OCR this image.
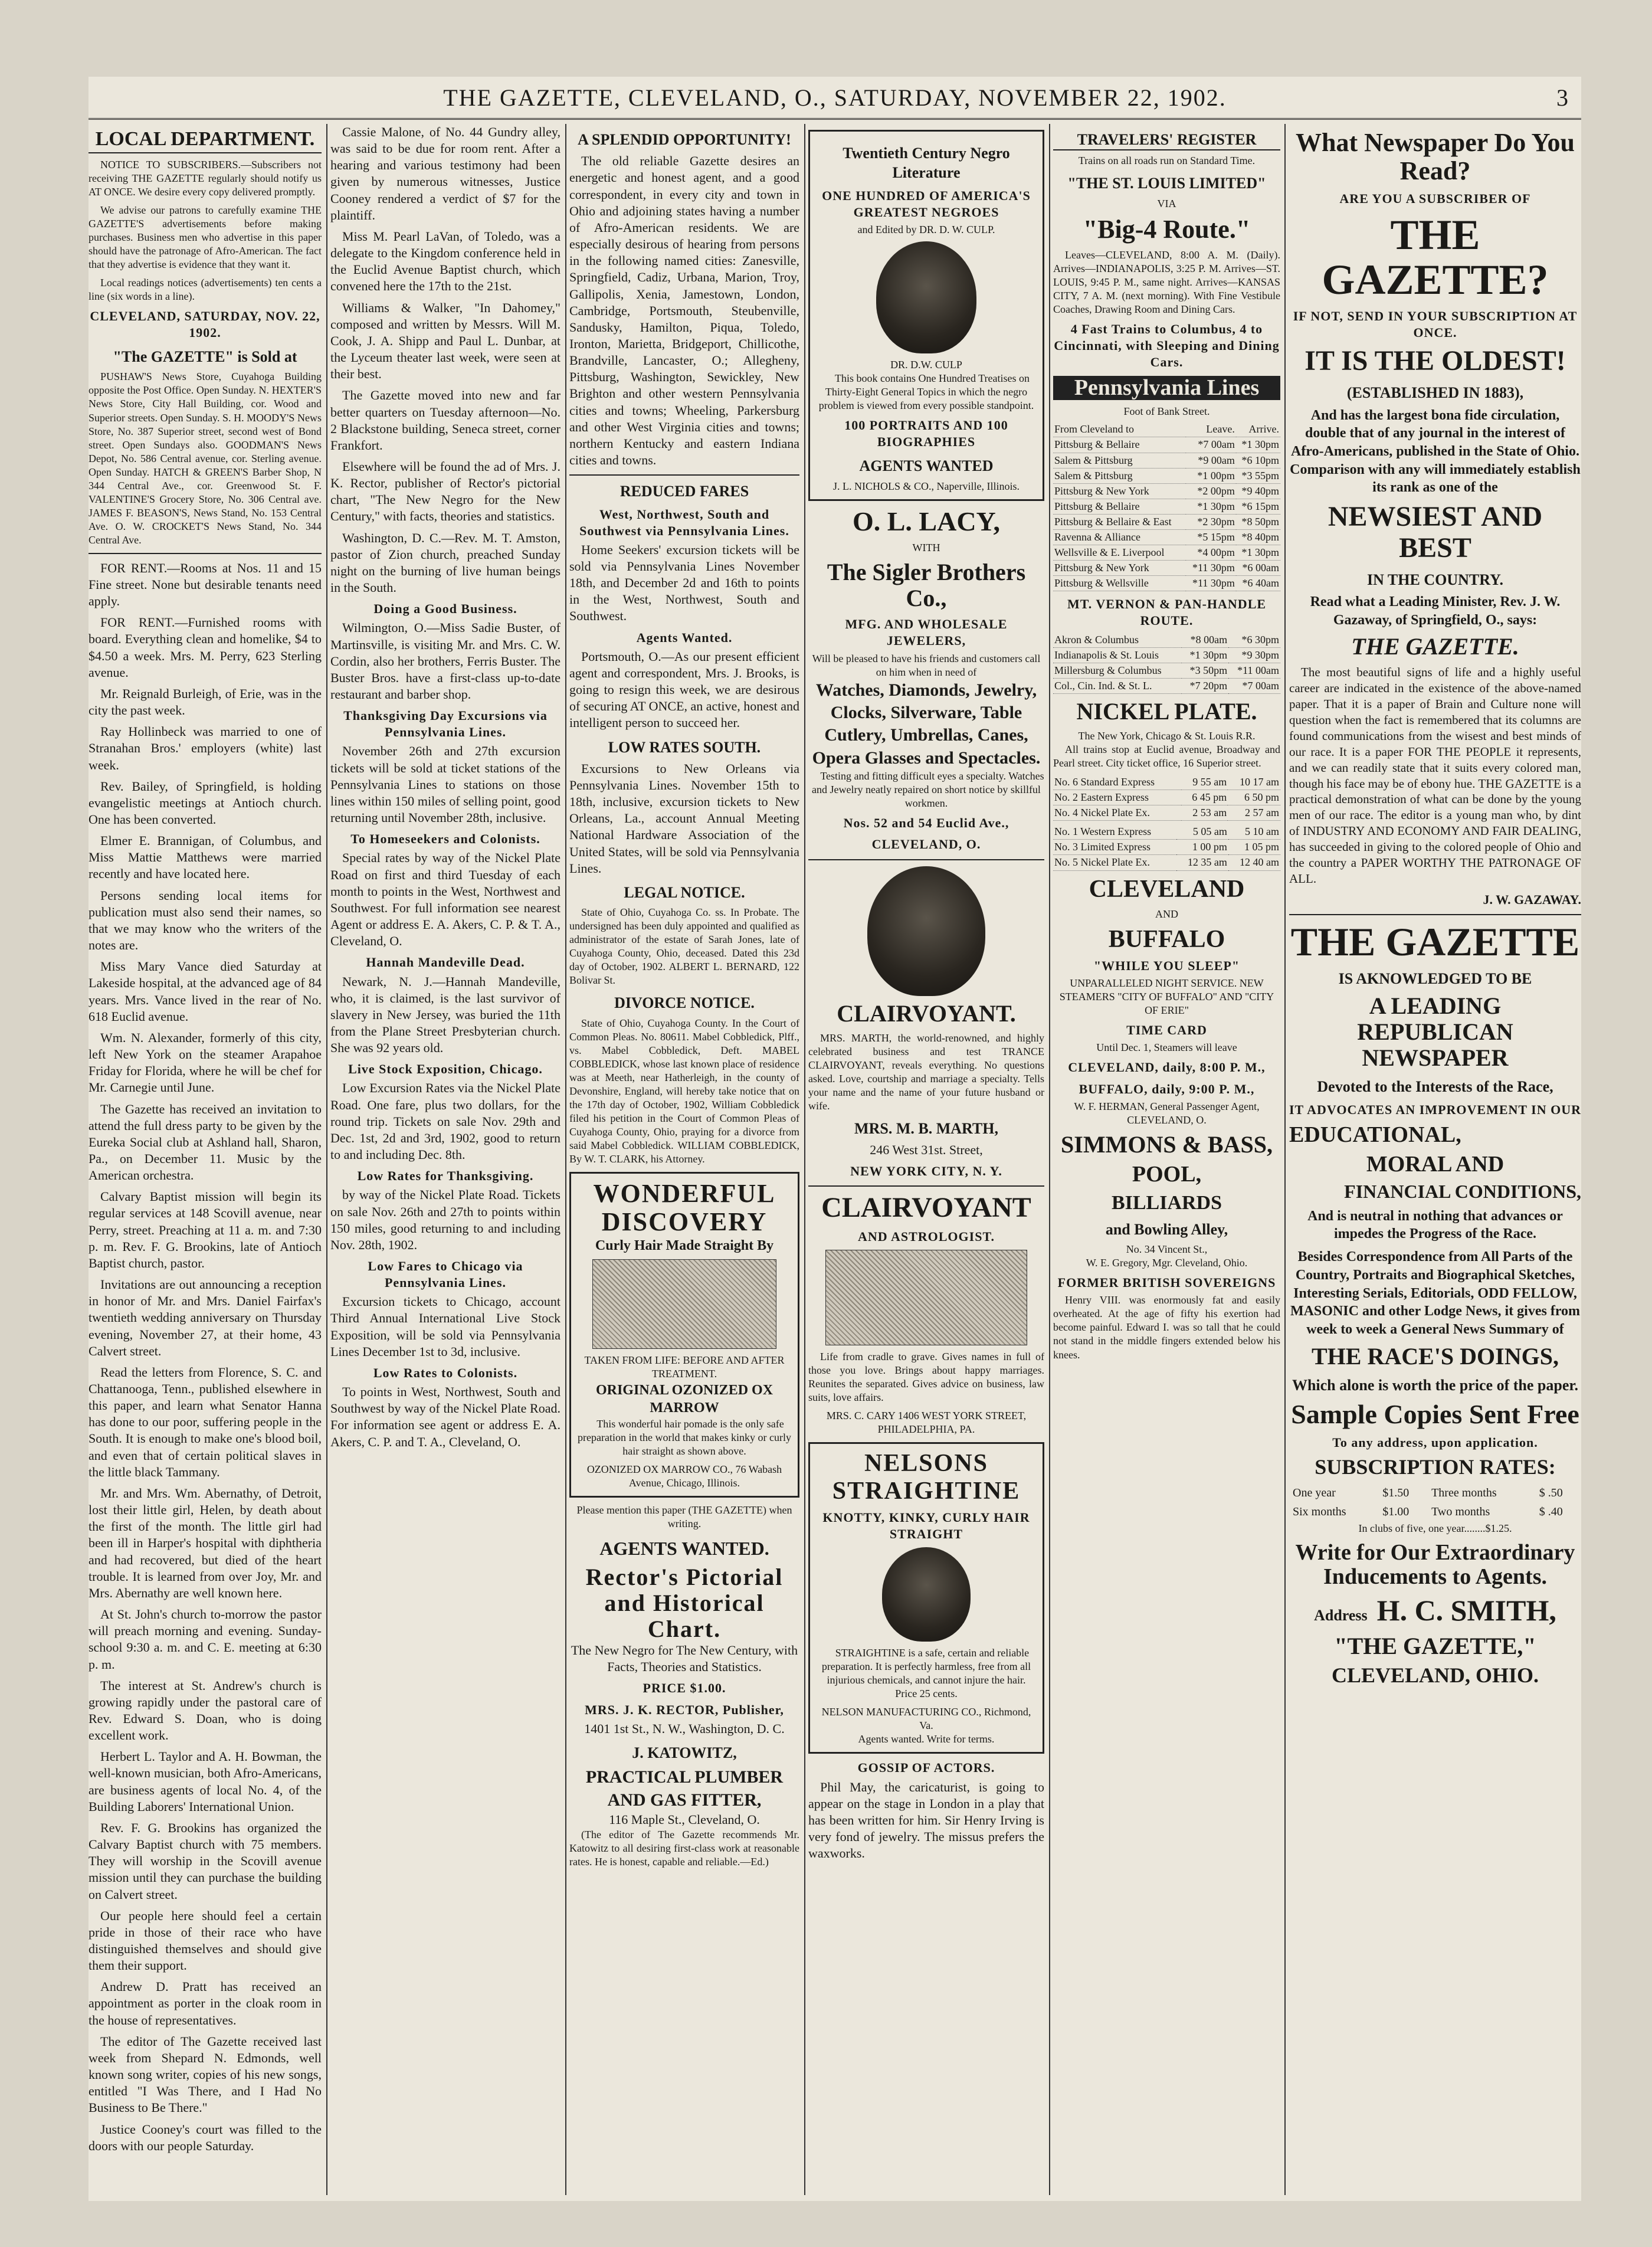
THE GAZETTE, CLEVELAND, O., SATURDAY, NOVEMBER 22, 1902.	3
LOCAL DEPARTMENT.

NOTICE TO SUBSCRIBERS.—Subscribers not receiving THE GAZETTE regularly should notify us AT ONCE. We desire every copy delivered promptly.

We advise our patrons to carefully examine THE GAZETTE'S advertisements before making purchases. Business men who advertise in this paper should have the patronage of Afro-American. The fact that they advertise is evidence that they want it.

Local readings notices (advertisements) ten cents a line (six words in a line).

CLEVELAND, SATURDAY, NOV. 22, 1902.
"The GAZETTE" is Sold at

PUSHAW'S News Store, Cuyahoga Building opposite the Post Office. Open Sunday. N. HEXTER'S News Store, City Hall Building, cor. Wood and Superior streets. Open Sunday. S. H. MOODY'S News Store, No. 387 Superior street, second west of Bond street. Open Sundays also. GOODMAN'S News Depot, No. 586 Central avenue, cor. Sterling avenue. Open Sunday. HATCH & GREEN'S Barber Shop, N 344 Central Ave., cor. Greenwood St. F. VALENTINE'S Grocery Store, No. 306 Central ave. JAMES F. BEASON'S, News Stand, No. 153 Central Ave. O. W. CROCKET'S News Stand, No. 344 Central Ave.

FOR RENT.—Rooms at Nos. 11 and 15 Fine street. None but desirable tenants need apply.

FOR RENT.—Furnished rooms with board. Everything clean and homelike, $4 to $4.50 a week. Mrs. M. Perry, 623 Sterling avenue.

Mr. Reignald Burleigh, of Erie, was in the city the past week.

Ray Hollinbeck was married to one of Stranahan Bros.' employers (white) last week.

Rev. Bailey, of Springfield, is holding evangelistic meetings at Antioch church. One has been converted.

Elmer E. Brannigan, of Columbus, and Miss Mattie Matthews were married recently and have located here.

Persons sending local items for publication must also send their names, so that we may know who the writers of the notes are.

Miss Mary Vance died Saturday at Lakeside hospital, at the advanced age of 84 years. Mrs. Vance lived in the rear of No. 618 Euclid avenue.

Wm. N. Alexander, formerly of this city, left New York on the steamer Arapahoe Friday for Florida, where he will be chef for Mr. Carnegie until June.

The Gazette has received an invitation to attend the full dress party to be given by the Eureka Social club at Ashland hall, Sharon, Pa., on December 11. Music by the American orchestra.

Calvary Baptist mission will begin its regular services at 148 Scovill avenue, near Perry, street. Preaching at 11 a. m. and 7:30 p. m. Rev. F. G. Brookins, late of Antioch Baptist church, pastor.

Invitations are out announcing a reception in honor of Mr. and Mrs. Daniel Fairfax's twentieth wedding anniversary on Thursday evening, November 27, at their home, 43 Calvert street.

Read the letters from Florence, S. C. and Chattanooga, Tenn., published elsewhere in this paper, and learn what Senator Hanna has done to our poor, suffering people in the South. It is enough to make one's blood boil, and even that of certain political slaves in the little black Tammany.

Mr. and Mrs. Wm. Abernathy, of Detroit, lost their little girl, Helen, by death about the first of the month. The little girl had been ill in Harper's hospital with diphtheria and had recovered, but died of the heart trouble. It is learned from over Joy, Mr. and Mrs. Abernathy are well known here.

At St. John's church to-morrow the pastor will preach morning and evening. Sunday-school 9:30 a. m. and C. E. meeting at 6:30 p. m.

The interest at St. Andrew's church is growing rapidly under the pastoral care of Rev. Edward S. Doan, who is doing excellent work.

Herbert L. Taylor and A. H. Bowman, the well-known musician, both Afro-Americans, are business agents of local No. 4, of the Building Laborers' International Union.

Rev. F. G. Brookins has organized the Calvary Baptist church with 75 members. They will worship in the Scovill avenue mission until they can purchase the building on Calvert street.

Our people here should feel a certain pride in those of their race who have distinguished themselves and should give them their support.

Andrew D. Pratt has received an appointment as porter in the cloak room in the house of representatives.

The editor of The Gazette received last week from Shepard N. Edmonds, well known song writer, copies of his new songs, entitled "I Was There, and I Had No Business to Be There."

Justice Cooney's court was filled to the doors with our people Saturday.

Cassie Malone, of No. 44 Gundry alley, was said to be due for room rent. After a hearing and various testimony had been given by numerous witnesses, Justice Cooney rendered a verdict of $7 for the plaintiff.

Miss M. Pearl LaVan, of Toledo, was a delegate to the Kingdom conference held in the Euclid Avenue Baptist church, which convened here the 17th to the 21st.

Williams & Walker, "In Dahomey," composed and written by Messrs. Will M. Cook, J. A. Shipp and Paul L. Dunbar, at the Lyceum theater last week, were seen at their best.

The Gazette moved into new and far better quarters on Tuesday afternoon—No. 2 Blackstone building, Seneca street, corner Frankfort.

Elsewhere will be found the ad of Mrs. J. K. Rector, publisher of Rector's pictorial chart, "The New Negro for the New Century," with facts, theories and statistics.

Washington, D. C.—Rev. M. T. Amston, pastor of Zion church, preached Sunday night on the burning of live human beings in the South.

Doing a Good Business.

Wilmington, O.—Miss Sadie Buster, of Martinsville, is visiting Mr. and Mrs. C. W. Cordin, also her brothers, Ferris Buster. The Buster Bros. have a first-class up-to-date restaurant and barber shop.

Thanksgiving Day Excursions via Pennsylvania Lines.

November 26th and 27th excursion tickets will be sold at ticket stations of the Pennsylvania Lines to stations on those lines within 150 miles of selling point, good returning until November 28th, inclusive.

To Homeseekers and Colonists.

Special rates by way of the Nickel Plate Road on first and third Tuesday of each month to points in the West, Northwest and Southwest. For full information see nearest Agent or address E. A. Akers, C. P. & T. A., Cleveland, O.

Hannah Mandeville Dead.

Newark, N. J.—Hannah Mandeville, who, it is claimed, is the last survivor of slavery in New Jersey, was buried the 11th from the Plane Street Presbyterian church. She was 92 years old.

Live Stock Exposition, Chicago.

Low Excursion Rates via the Nickel Plate Road. One fare, plus two dollars, for the round trip. Tickets on sale Nov. 29th and Dec. 1st, 2d and 3rd, 1902, good to return to and including Dec. 8th.

Low Rates for Thanksgiving.

by way of the Nickel Plate Road. Tickets on sale Nov. 26th and 27th to points within 150 miles, good returning to and including Nov. 28th, 1902.

Low Fares to Chicago via Pennsylvania Lines.

Excursion tickets to Chicago, account Third Annual International Live Stock Exposition, will be sold via Pennsylvania Lines December 1st to 3d, inclusive.

Low Rates to Colonists.

To points in West, Northwest, South and Southwest by way of the Nickel Plate Road. For information see agent or address E. A. Akers, C. P. and T. A., Cleveland, O.

A SPLENDID OPPORTUNITY!

The old reliable Gazette desires an energetic and honest agent, and a good correspondent, in every city and town in Ohio and adjoining states having a number of Afro-American residents. We are especially desirous of hearing from persons in the following named cities: Zanesville, Springfield, Cadiz, Urbana, Marion, Troy, Gallipolis, Xenia, Jamestown, London, Cambridge, Portsmouth, Steubenville, Sandusky, Hamilton, Piqua, Toledo, Ironton, Marietta, Bridgeport, Chillicothe, Brandville, Lancaster, O.; Allegheny, Pittsburg, Washington, Sewickley, New Brighton and other western Pennsylvania cities and towns; Wheeling, Parkersburg and other West Virginia cities and towns; northern Kentucky and eastern Indiana cities and towns.

REDUCED FARES
West, Northwest, South and Southwest via Pennsylvania Lines.

Home Seekers' excursion tickets will be sold via Pennsylvania Lines November 18th, and December 2d and 16th to points in the West, Northwest, South and Southwest.

Agents Wanted.

Portsmouth, O.—As our present efficient agent and correspondent, Mrs. J. Brooks, is going to resign this week, we are desirous of securing AT ONCE, an active, honest and intelligent person to succeed her.

LOW RATES SOUTH.

Excursions to New Orleans via Pennsylvania Lines. November 15th to 18th, inclusive, excursion tickets to New Orleans, La., account Annual Meeting National Hardware Association of the United States, will be sold via Pennsylvania Lines.

LEGAL NOTICE.

State of Ohio, Cuyahoga Co. ss. In Probate. The undersigned has been duly appointed and qualified as administrator of the estate of Sarah Jones, late of Cuyahoga County, Ohio, deceased. Dated this 23d day of October, 1902. ALBERT L. BERNARD, 122 Bolivar St.

DIVORCE NOTICE.

State of Ohio, Cuyahoga County. In the Court of Common Pleas. No. 80611. Mabel Cobbledick, Plff., vs. Mabel Cobbledick, Deft. MABEL COBBLEDICK, whose last known place of residence was at Meeth, near Hatherleigh, in the county of Devonshire, England, will hereby take notice that on the 17th day of October, 1902, William Cobbledick filed his petition in the Court of Common Pleas of Cuyahoga County, Ohio, praying for a divorce from said Mabel Cobbledick. WILLIAM COBBLEDICK, By W. T. CLARK, his Attorney.

WONDERFUL DISCOVERY
Curly Hair Made Straight By
TAKEN FROM LIFE: BEFORE AND AFTER TREATMENT.
ORIGINAL OZONIZED OX MARROW

This wonderful hair pomade is the only safe preparation in the world that makes kinky or curly hair straight as shown above.

OZONIZED OX MARROW CO., 76 Wabash Avenue, Chicago, Illinois.
Please mention this paper (THE GAZETTE) when writing.
AGENTS WANTED.
Rector's Pictorial and Historical Chart.
The New Negro for The New Century, with Facts, Theories and Statistics.
PRICE $1.00.
MRS. J. K. RECTOR, Publisher,
1401 1st St., N. W., Washington, D. C.
J. KATOWITZ,
PRACTICAL PLUMBER AND GAS FITTER,
116 Maple St., Cleveland, O.

(The editor of The Gazette recommends Mr. Katowitz to all desiring first-class work at reasonable rates. He is honest, capable and reliable.—Ed.)

Twentieth Century Negro Literature
ONE HUNDRED OF AMERICA'S GREATEST NEGROES
and Edited by DR. D. W. CULP.
DR. D.W. CULP

This book contains One Hundred Treatises on Thirty-Eight General Topics in which the negro problem is viewed from every possible standpoint.

100 PORTRAITS AND 100 BIOGRAPHIES
AGENTS WANTED
J. L. NICHOLS & CO., Naperville, Illinois.
O. L. LACY,
WITH
The Sigler Brothers Co.,
MFG. AND WHOLESALE JEWELERS,
Will be pleased to have his friends and customers call on him when in need of
Watches, Diamonds, Jewelry, Clocks, Silverware, Table Cutlery, Umbrellas, Canes, Opera Glasses and Spectacles.

Testing and fitting difficult eyes a specialty. Watches and Jewelry neatly repaired on short notice by skillful workmen.

Nos. 52 and 54 Euclid Ave.,
CLEVELAND, O.
CLAIRVOYANT.

MRS. MARTH, the world-renowned, and highly celebrated business and test TRANCE CLAIRVOYANT, reveals everything. No questions asked. Love, courtship and marriage a specialty. Tells your name and the name of your future husband or wife.

MRS. M. B. MARTH,
246 West 31st. Street,
NEW YORK CITY, N. Y.
CLAIRVOYANT
AND ASTROLOGIST.

Life from cradle to grave. Gives names in full of those you love. Brings about happy marriages. Reunites the separated. Gives advice on business, law suits, love affairs.

MRS. C. CARY 1406 WEST YORK STREET, PHILADELPHIA, PA.
NELSONS STRAIGHTINE
KNOTTY, KINKY, CURLY HAIR STRAIGHT

STRAIGHTINE is a safe, certain and reliable preparation. It is perfectly harmless, free from all injurious chemicals, and cannot injure the hair. Price 25 cents.

NELSON MANUFACTURING CO., Richmond, Va.
Agents wanted. Write for terms.
GOSSIP OF ACTORS.

Phil May, the caricaturist, is going to appear on the stage in London in a play that has been written for him. Sir Henry Irving is very fond of jewelry. The missus prefers the waxworks.

TRAVELERS' REGISTER
Trains on all roads run on Standard Time.
"THE ST. LOUIS LIMITED"
VIA
"Big-4 Route."

Leaves—CLEVELAND, 8:00 A. M. (Daily). Arrives—INDIANAPOLIS, 3:25 P. M. Arrives—ST. LOUIS, 9:45 P. M., same night. Arrives—KANSAS CITY, 7 A. M. (next morning). With Fine Vestibule Coaches, Drawing Room and Dining Cars.

4 Fast Trains to Columbus, 4 to Cincinnati, with Sleeping and Dining Cars.
Pennsylvania Lines
Foot of Bank Street.
From Cleveland to	Leave.	Arrive.
Pittsburg & Bellaire	*7 00am	*1 30pm
Salem & Pittsburg	*9 00am	*6 10pm
Salem & Pittsburg	*1 00pm	*3 55pm
Pittsburg & New York	*2 00pm	*9 40pm
Pittsburg & Bellaire	*1 30pm	*6 15pm
Pittsburg & Bellaire & East	*2 30pm	*8 50pm
Ravenna & Alliance	*5 15pm	*8 40pm
Wellsville & E. Liverpool	*4 00pm	*1 30pm
Pittsburg & New York	*11 30pm	*6 00am
Pittsburg & Wellsville	*11 30pm	*6 40am
MT. VERNON & PAN-HANDLE ROUTE.
Akron & Columbus	*8 00am	*6 30pm
Indianapolis & St. Louis	*1 30pm	*9 30pm
Millersburg & Columbus	*3 50pm	*11 00am
Col., Cin. Ind. & St. L.	*7 20pm	*7 00am
NICKEL PLATE.
The New York, Chicago & St. Louis R.R.

All trains stop at Euclid avenue, Broadway and Pearl street. City ticket office, 16 Superior street.

No. 6 Standard Express	9 55 am	10 17 am
No. 2 Eastern Express	6 45 pm	6 50 pm
No. 4 Nickel Plate Ex.	2 53 am	2 57 am
No. 1 Western Express	5 05 am	5 10 am
No. 3 Limited Express	1 00 pm	1 05 pm
No. 5 Nickel Plate Ex.	12 35 am	12 40 am
CLEVELAND
AND
BUFFALO
"WHILE YOU SLEEP"
UNPARALLELED NIGHT SERVICE. NEW STEAMERS "CITY OF BUFFALO" AND "CITY OF ERIE"
TIME CARD
Until Dec. 1, Steamers will leave
CLEVELAND, daily, 8:00 P. M.,
BUFFALO, daily, 9:00 P. M.,
W. F. HERMAN, General Passenger Agent, CLEVELAND, O.
SIMMONS & BASS,
POOL,
BILLIARDS
and Bowling Alley,
No. 34 Vincent St.,
W. E. Gregory, Mgr. Cleveland, Ohio.
FORMER BRITISH SOVEREIGNS

Henry VIII. was enormously fat and easily overheated. At the age of fifty his exertion had become painful. Edward I. was so tall that he could not stand in the middle fingers extended below his knees.

What Newspaper Do You Read?
ARE YOU A SUBSCRIBER OF
THE GAZETTE?
IF NOT, SEND IN YOUR SUBSCRIPTION AT ONCE.
IT IS THE OLDEST!
(ESTABLISHED IN 1883),

And has the largest bona fide circulation, double that of any journal in the interest of Afro-Americans, published in the State of Ohio. Comparison with any will immediately establish its rank as one of the

NEWSIEST AND BEST
IN THE COUNTRY.

Read what a Leading Minister, Rev. J. W. Gazaway, of Springfield, O., says:

THE GAZETTE.

The most beautiful signs of life and a highly useful career are indicated in the existence of the above-named paper. That it is a paper of Brain and Culture none will question when the fact is remembered that its columns are found communications from the wisest and best minds of our race. It is a paper FOR THE PEOPLE it represents, and we can readily state that it suits every colored man, though his face may be of ebony hue. THE GAZETTE is a practical demonstration of what can be done by the young men of our race. The editor is a young man who, by dint of INDUSTRY AND ECONOMY AND FAIR DEALING, has succeeded in giving to the colored people of Ohio and the country a PAPER WORTHY THE PATRONAGE OF ALL.

J. W. GAZAWAY.
THE GAZETTE
IS AKNOWLEDGED TO BE
A LEADING REPUBLICAN NEWSPAPER
Devoted to the Interests of the Race,
IT ADVOCATES AN IMPROVEMENT IN OUR
EDUCATIONAL,
MORAL AND
FINANCIAL CONDITIONS,

And is neutral in nothing that advances or impedes the Progress of the Race.

Besides Correspondence from All Parts of the Country, Portraits and Biographical Sketches, Interesting Serials, Editorials, ODD FELLOW, MASONIC and other Lodge News, it gives from week to week a General News Summary of

THE RACE'S DOINGS,
Which alone is worth the price of the paper.
Sample Copies Sent Free
To any address, upon application.
SUBSCRIPTION RATES:
One year	$1.50	Three months	$ .50
Six months	$1.00	Two months	$ .40
In clubs of five, one year........$1.25.
Write for Our Extraordinary Inducements to Agents.
Address H. C. SMITH,
"THE GAZETTE,"
CLEVELAND, OHIO.
